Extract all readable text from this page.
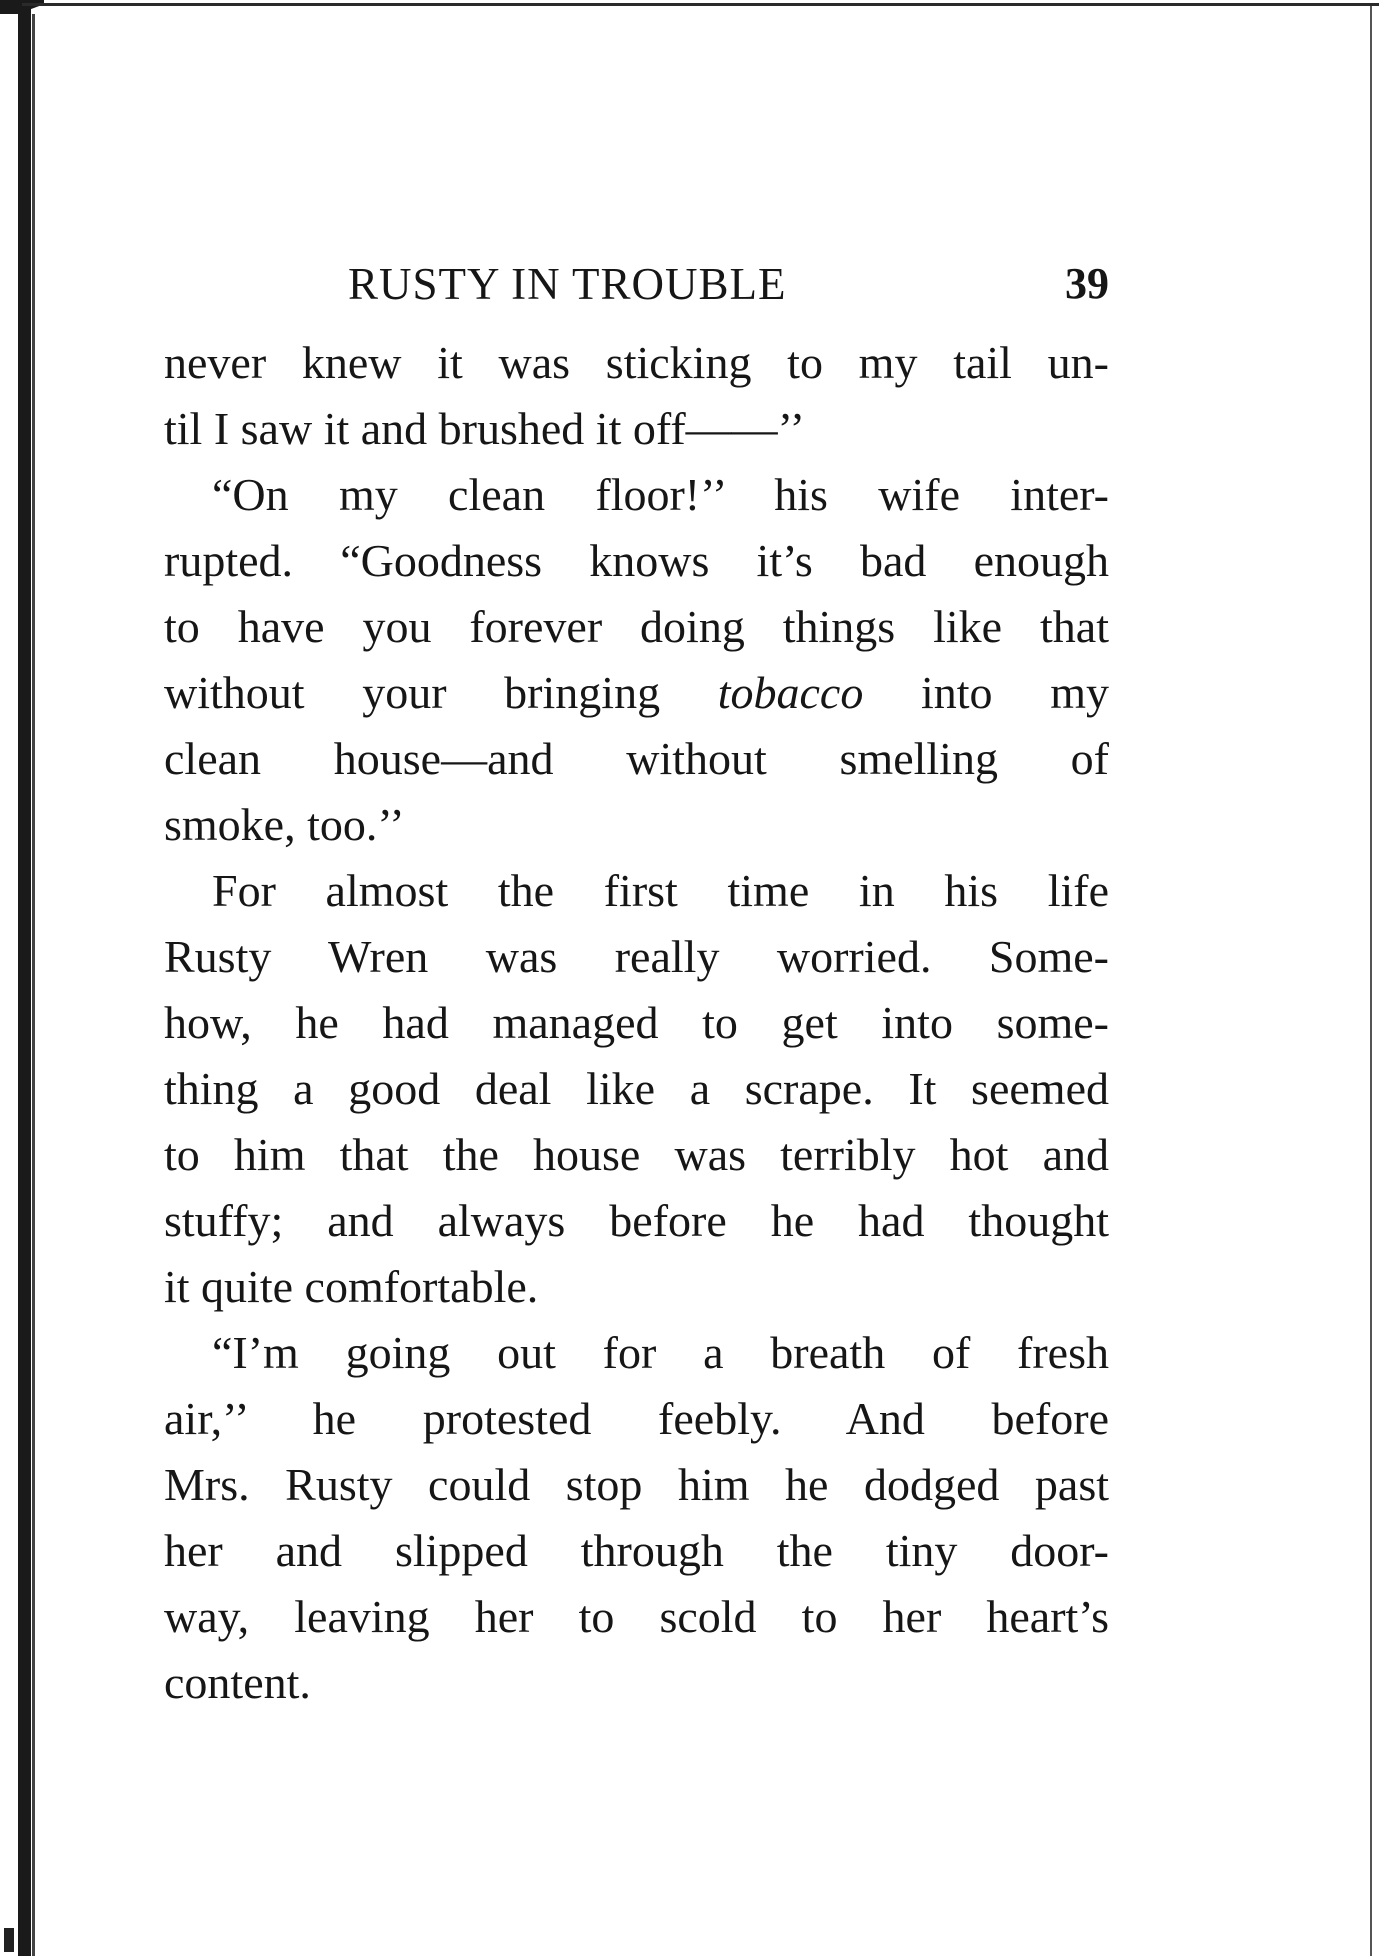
RUSTY IN TROUBLE	39
never knew it was sticking to my tail un-
til I saw it and brushed it off——’’
“On my clean floor!’’ his wife inter-
rupted. “Goodness knows it’s bad enough
to have you forever doing things like that
without your bringing tobacco into my
clean house—and without smelling of
smoke, too.’’
For almost the first time in his life
Rusty Wren was really worried. Some-
how, he had managed to get into some-
thing a good deal like a scrape. It seemed
to him that the house was terribly hot and
stuffy; and always before he had thought
it quite comfortable.
“I’m going out for a breath of fresh
air,’’ he protested feebly. And before
Mrs. Rusty could stop him he dodged past
her and slipped through the tiny door-
way, leaving her to scold to her heart’s
content.
